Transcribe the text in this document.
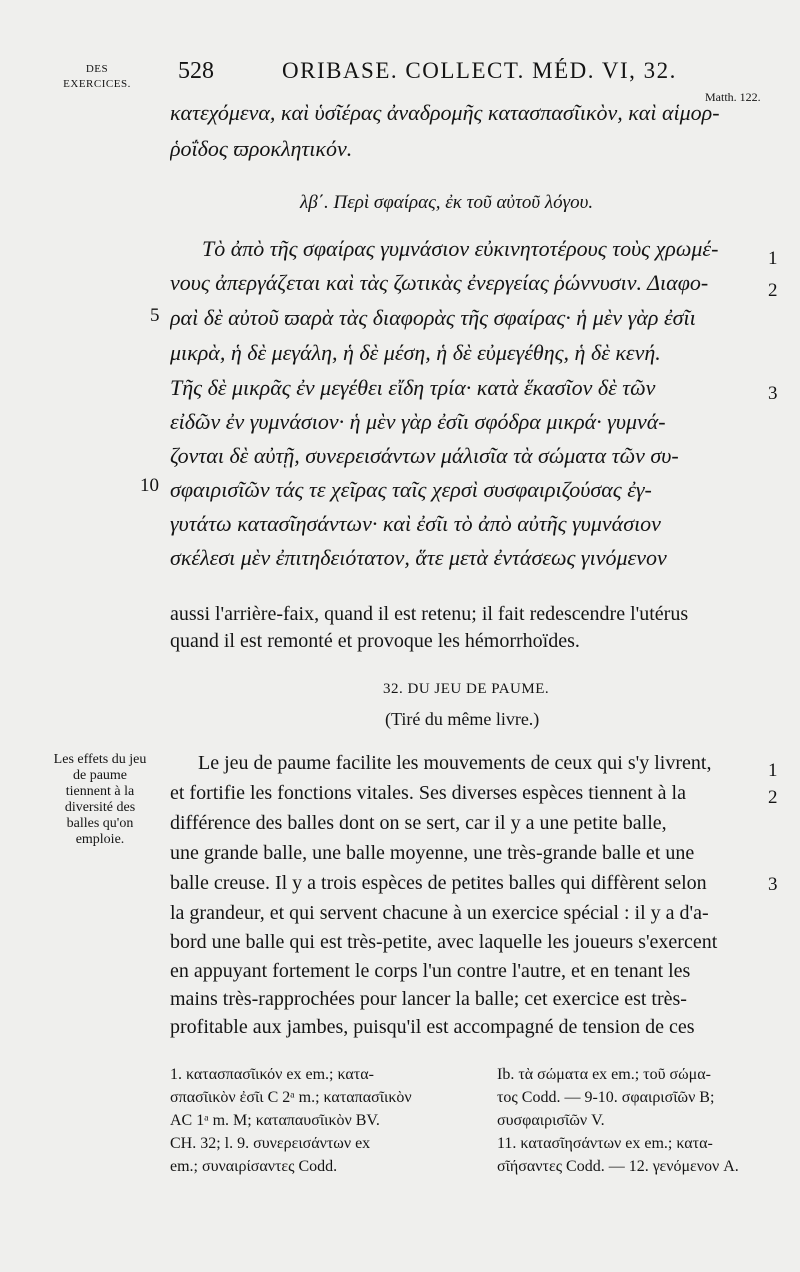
DES EXERCICES.	528	ORIBASE. COLLECT. MÉD. VI, 32.
Matth. 122.
κατεχόμενα, καὶ ὑσῖέρας ἀναδρομῆς κατασπασῖικὸν, καὶ αἱμορ-
ῥοΐδος ϖροκλητικόν.
λβ΄. Περὶ σφαίρας, ἐκ τοῦ αὐτοῦ λόγου.
Τὸ ἀπὸ τῆς σφαίρας γυμνάσιον εὐκινητοτέρους τοὺς χρωμέ-
νους ἀπεργάζεται καὶ τὰς ζωτικὰς ἐνεργείας ῥώννυσιν. Διαφο-
ραὶ δὲ αὐτοῦ ϖαρὰ τὰς διαφορὰς τῆς σφαίρας· ἡ μὲν γὰρ ἐσῖι
μικρὰ, ἡ δὲ μεγάλη, ἡ δὲ μέση, ἡ δὲ εὐμεγέθης, ἡ δὲ κενή.
Τῆς δὲ μικρᾶς ἐν μεγέθει εἴδη τρία· κατὰ ἕκασῖον δὲ τῶν
εἰδῶν ἐν γυμνάσιον· ἡ μὲν γὰρ ἐσῖι σφόδρα μικρά· γυμνά-
ζονται δὲ αὐτῇ, συνερεισάντων μάλισῖα τὰ σώματα τῶν συ-
σφαιρισῖῶν τάς τε χεῖρας ταῖς χερσὶ συσφαιριζούσας ἐγ-
γυτάτω κατασῖησάντων· καὶ ἐσῖι τὸ ἀπὸ αὐτῆς γυμνάσιον
σκέλεσι μὲν ἐπιτηδειότατον, ἅτε μετὰ ἐντάσεως γινόμενον
5
10
1
2
3
aussi l'arrière-faix, quand il est retenu; il fait redescendre l'utérus
quand il est remonté et provoque les hémorrhoïdes.
32. DU JEU DE PAUME.
(Tiré du même livre.)
Les effets du jeu de paume tiennent à la diversité des balles qu'on emploie.
Le jeu de paume facilite les mouvements de ceux qui s'y livrent,
et fortifie les fonctions vitales. Ses diverses espèces tiennent à la
différence des balles dont on se sert, car il y a une petite balle,
une grande balle, une balle moyenne, une très-grande balle et une
balle creuse. Il y a trois espèces de petites balles qui diffèrent selon
la grandeur, et qui servent chacune à un exercice spécial : il y a d'a-
bord une balle qui est très-petite, avec laquelle les joueurs s'exercent
en appuyant fortement le corps l'un contre l'autre, et en tenant les
mains très-rapprochées pour lancer la balle; cet exercice est très-
profitable aux jambes, puisqu'il est accompagné de tension de ces
1
2
3

1. κατασπασῖικόν ex em.; κατα-

σπασῖικὸν ἐσῖι C 2ᵃ m.; καταπασῖικὸν

AC 1ᵃ m. M; καταπαυσῖικὸν BV.

CH. 32; l. 9. συνερεισάντων ex

em.; συναιρίσαντες Codd.

Ib. τὰ σώματα ex em.; τοῦ σώμα-

τος Codd. — 9-10. σφαιρισῖῶν B;

συσφαιρισῖῶν V.

11. κατασῖησάντων ex em.; κατα-

σῖήσαντες Codd. — 12. γενόμενον A.
